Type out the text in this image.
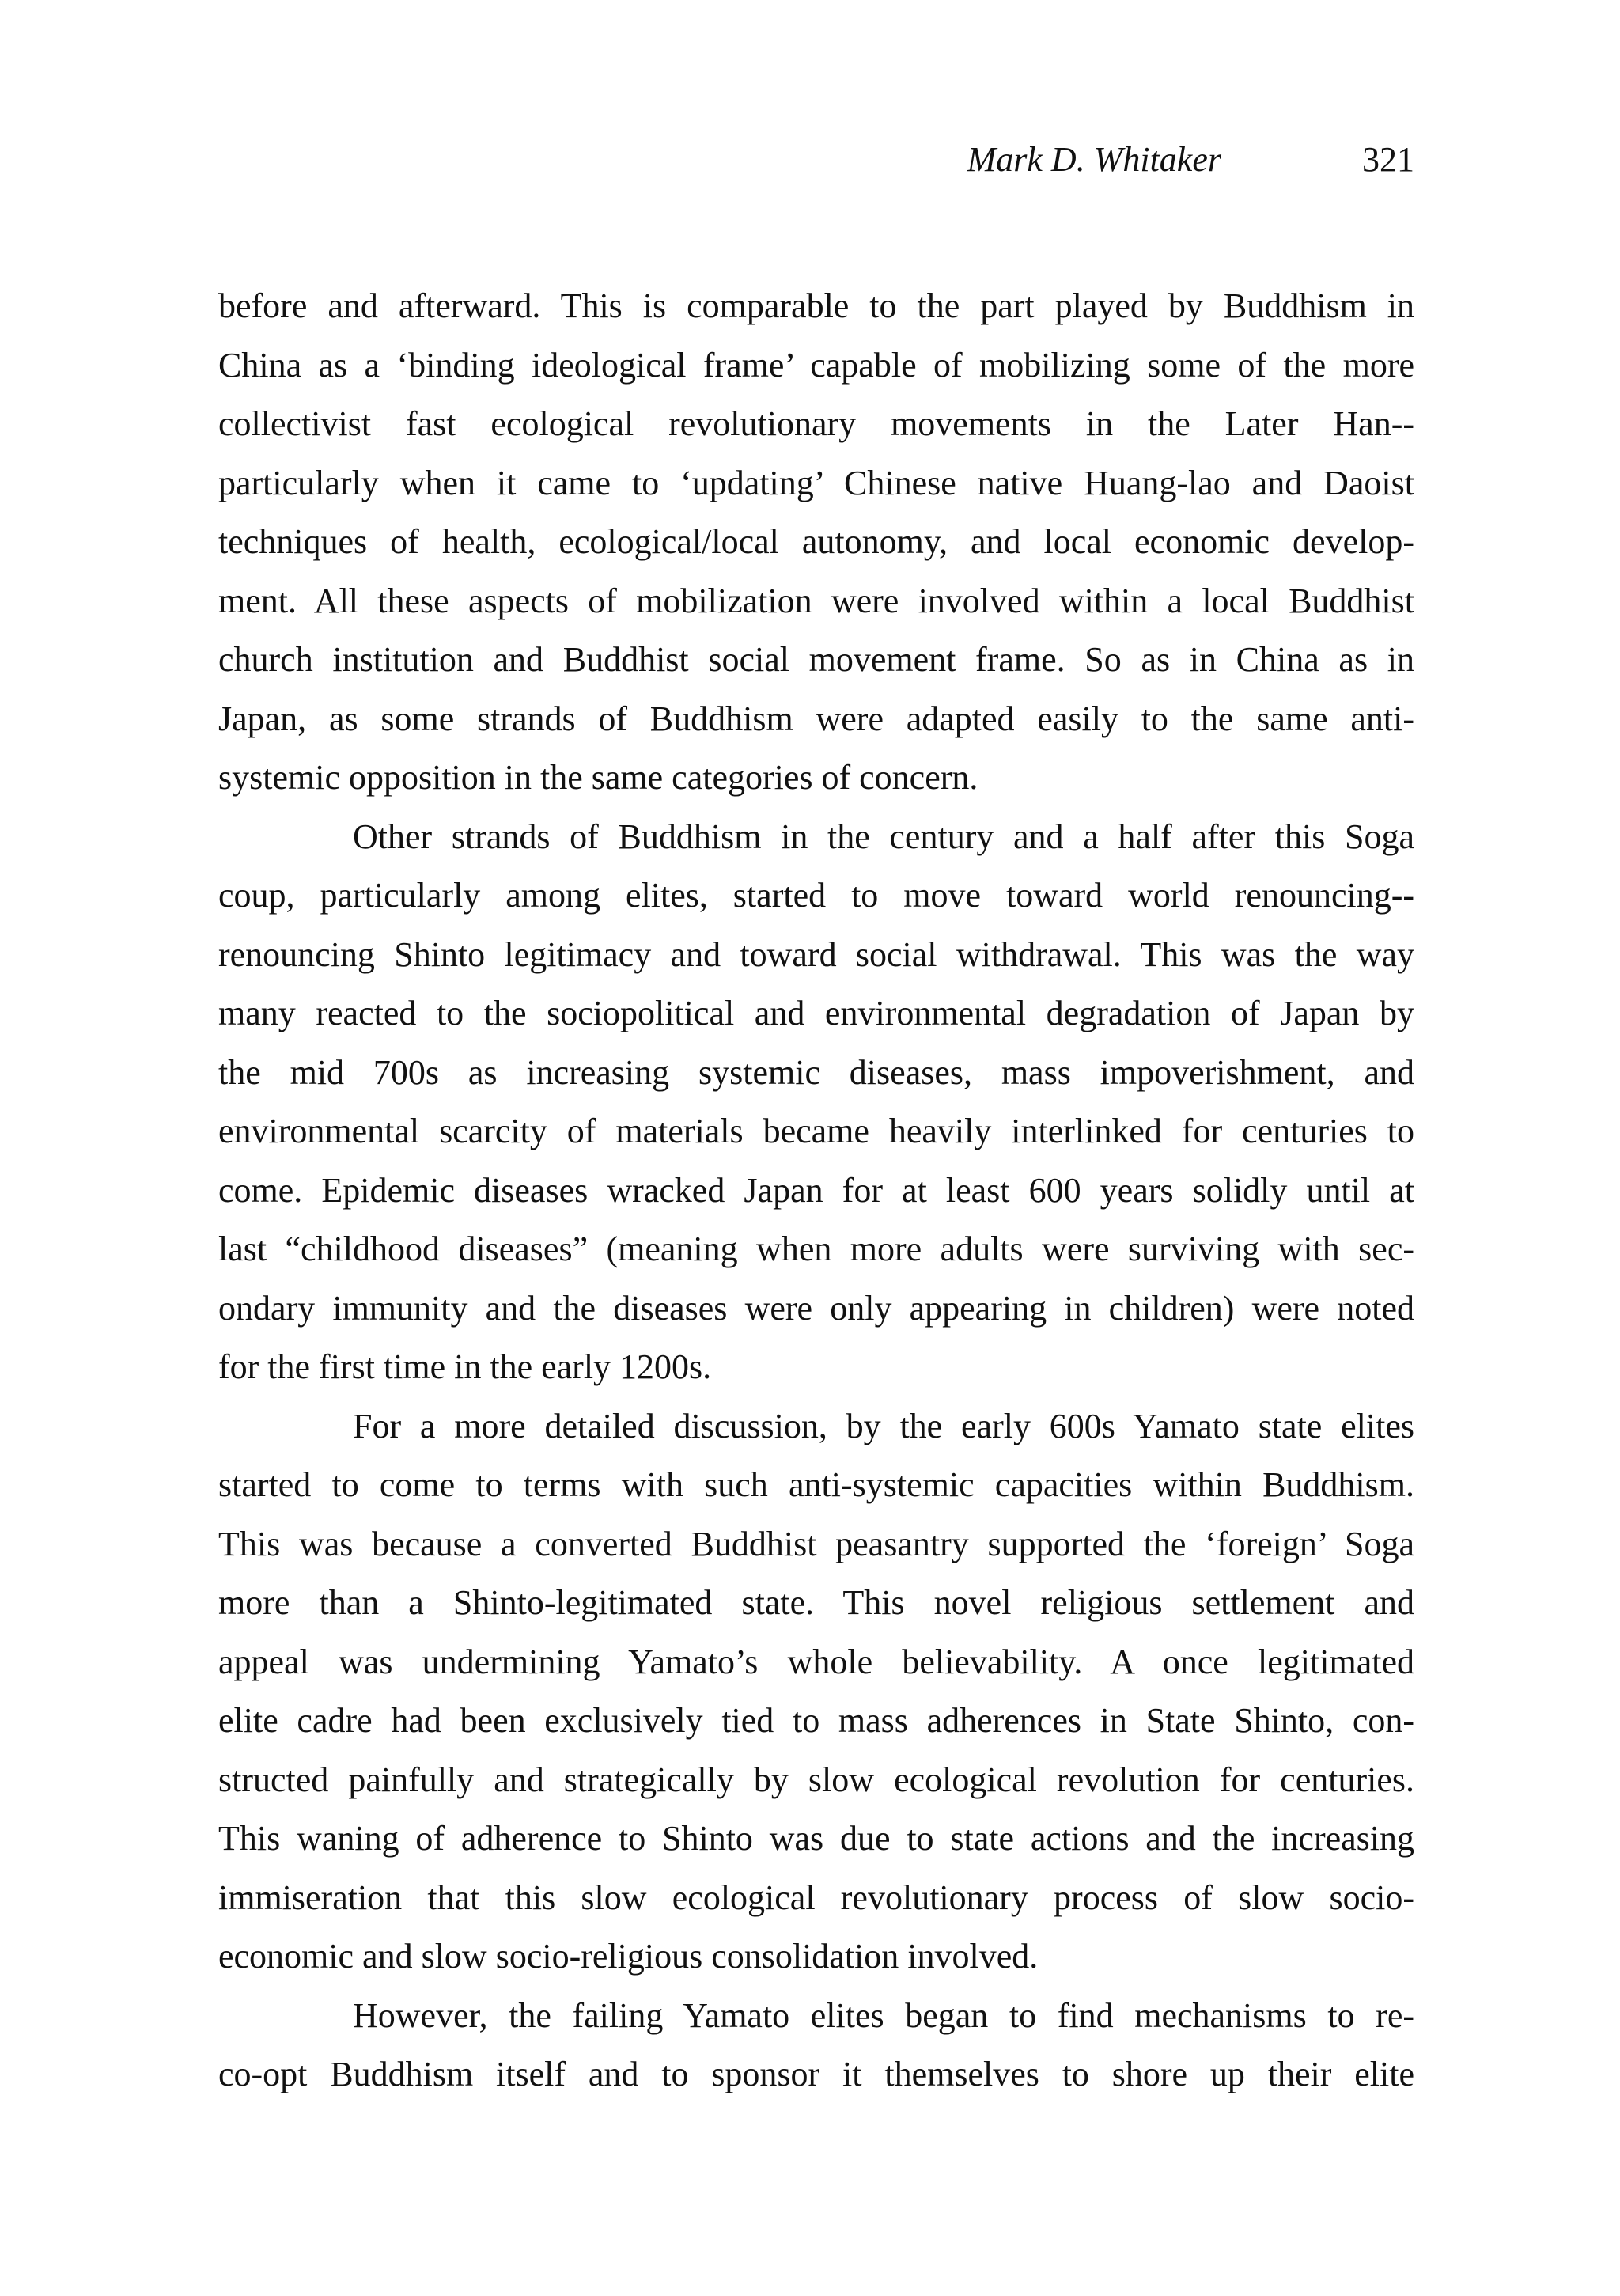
Mark D. Whitaker	321
before and afterward. This is comparable to the part played by Buddhism in
China as a ‘binding ideological frame’ capable of mobilizing some of the more
collectivist fast ecological revolutionary movements in the Later Han--
particularly when it came to ‘updating’ Chinese native Huang-lao and Daoist
techniques of health, ecological/local autonomy, and local economic develop-
ment. All these aspects of mobilization were involved within a local Buddhist
church institution and Buddhist social movement frame. So as in China as in
Japan, as some strands of Buddhism were adapted easily to the same anti-
systemic opposition in the same categories of concern.
Other strands of Buddhism in the century and a half after this Soga
coup, particularly among elites, started to move toward world renouncing--
renouncing Shinto legitimacy and toward social withdrawal. This was the way
many reacted to the sociopolitical and environmental degradation of Japan by
the mid 700s as increasing systemic diseases, mass impoverishment, and
environmental scarcity of materials became heavily interlinked for centuries to
come. Epidemic diseases wracked Japan for at least 600 years solidly until at
last “childhood diseases” (meaning when more adults were surviving with sec-
ondary immunity and the diseases were only appearing in children) were noted
for the first time in the early 1200s.
For a more detailed discussion, by the early 600s Yamato state elites
started to come to terms with such anti-systemic capacities within Buddhism.
This was because a converted Buddhist peasantry supported the ‘foreign’ Soga
more than a Shinto-legitimated state. This novel religious settlement and
appeal was undermining Yamato’s whole believability. A once legitimated
elite cadre had been exclusively tied to mass adherences in State Shinto, con-
structed painfully and strategically by slow ecological revolution for centuries.
This waning of adherence to Shinto was due to state actions and the increasing
immiseration that this slow ecological revolutionary process of slow socio-
economic and slow socio-religious consolidation involved.
However, the failing Yamato elites began to find mechanisms to re-
co-opt Buddhism itself and to sponsor it themselves to shore up their elite
